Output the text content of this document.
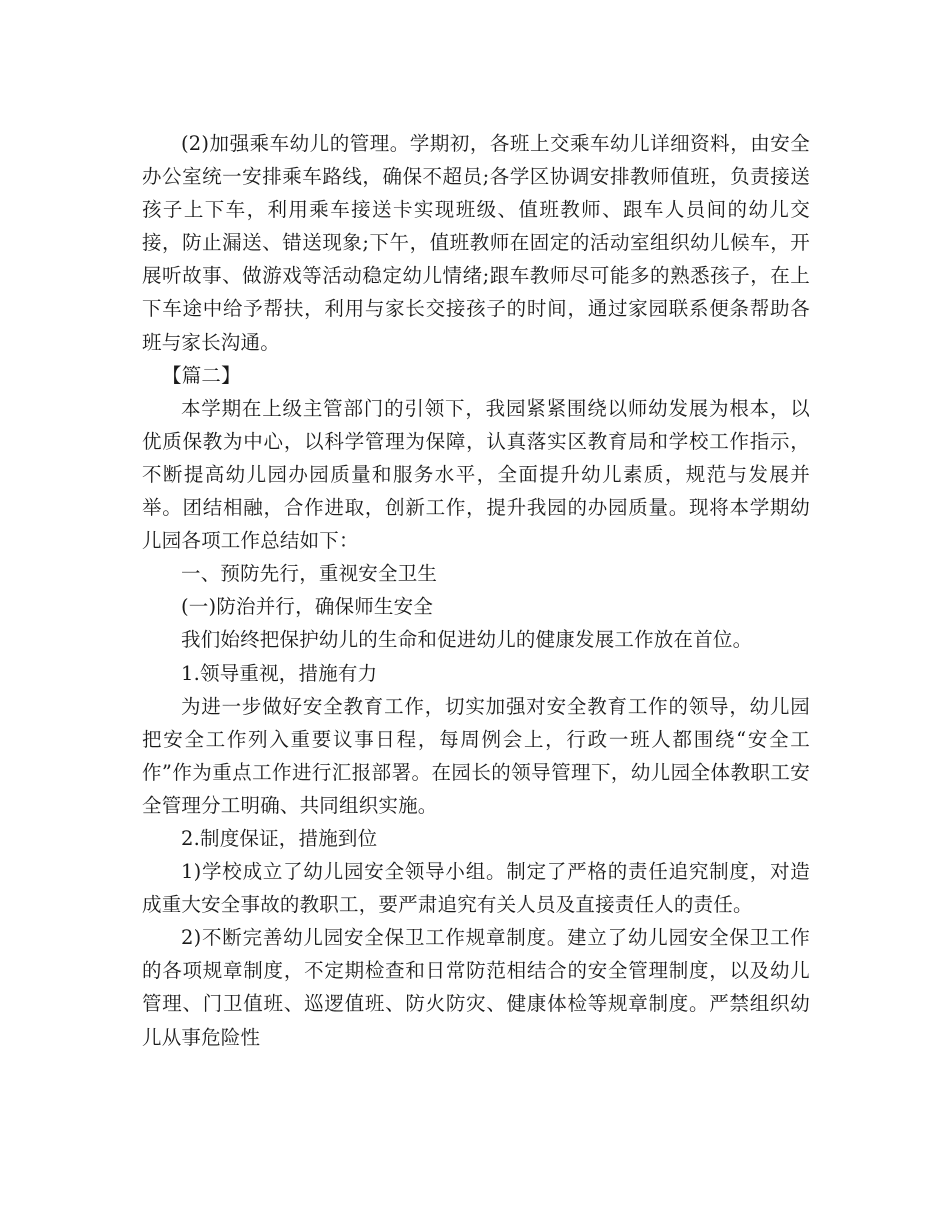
(2)加强乘车幼儿的管理。学期初，各班上交乘车幼儿详细资料，由安全办公室统一安排乘车路线，确保不超员;各学区协调安排教师值班，负责接送孩子上下车，利用乘车接送卡实现班级、值班教师、跟车人员间的幼儿交接，防止漏送、错送现象;下午，值班教师在固定的活动室组织幼儿候车，开展听故事、做游戏等活动稳定幼儿情绪;跟车教师尽可能多的熟悉孩子，在上下车途中给予帮扶，利用与家长交接孩子的时间，通过家园联系便条帮助各班与家长沟通。

【篇二】

本学期在上级主管部门的引领下，我园紧紧围绕以师幼发展为根本，以优质保教为中心，以科学管理为保障，认真落实区教育局和学校工作指示，不断提高幼儿园办园质量和服务水平，全面提升幼儿素质，规范与发展并举。团结相融，合作进取，创新工作，提升我园的办园质量。现将本学期幼儿园各项工作总结如下：

一、预防先行，重视安全卫生

(一)防治并行，确保师生安全

我们始终把保护幼儿的生命和促进幼儿的健康发展工作放在首位。

1.领导重视，措施有力

为进一步做好安全教育工作，切实加强对安全教育工作的领导，幼儿园把安全工作列入重要议事日程，每周例会上，行政一班人都围绕“安全工作”作为重点工作进行汇报部署。在园长的领导管理下，幼儿园全体教职工安全管理分工明确、共同组织实施。

2.制度保证，措施到位

1)学校成立了幼儿园安全领导小组。制定了严格的责任追究制度，对造成重大安全事故的教职工，要严肃追究有关人员及直接责任人的责任。

2)不断完善幼儿园安全保卫工作规章制度。建立了幼儿园安全保卫工作的各项规章制度，不定期检查和日常防范相结合的安全管理制度，以及幼儿管理、门卫值班、巡逻值班、防火防灾、健康体检等规章制度。严禁组织幼儿从事危险性
